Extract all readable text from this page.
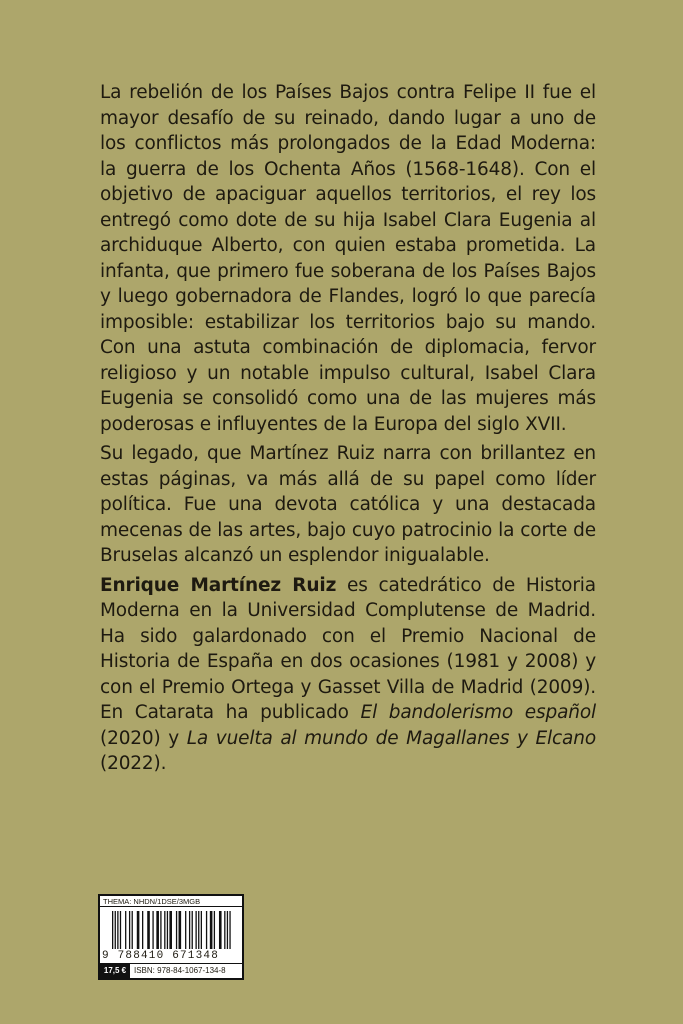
La rebelión de los Países Bajos contra Felipe II fue el mayor desafío de su reinado, dando lugar a uno de los conflictos más prolongados de la Edad Moderna: la guerra de los Ochenta Años (1568-1648). Con el objetivo de apaciguar aquellos territorios, el rey los entregó como dote de su hija Isabel Clara Eugenia al archiduque Alberto, con quien estaba prometida. La infanta, que primero fue soberana de los Países Bajos y luego gobernadora de Flandes, logró lo que parecía imposible: estabilizar los territorios bajo su mando. Con una astuta combinación de diplomacia, fervor religioso y un notable impulso cultural, Isabel Clara Eugenia se consolidó como una de las mujeres más poderosas e influyentes de la Europa del siglo XVII.

Su legado, que Martínez Ruiz narra con brillantez en estas páginas, va más allá de su papel como líder política. Fue una devota católica y una destacada mecenas de las artes, bajo cuyo patrocinio la corte de Bruselas alcanzó un esplendor inigualable.

Enrique Martínez Ruiz es catedrático de Historia Moderna en la Universidad Complutense de Madrid. Ha sido galardonado con el Premio Nacional de Historia de España en dos ocasiones (1981 y 2008) y con el Premio Ortega y Gasset Villa de Madrid (2009). En Catarata ha publicado El bandolerismo español (2020) y La vuelta al mundo de Magallanes y Elcano (2022).

THEMA: NHDN/1DSE/3MGB
9 788410 671348
17,5 € ISBN: 978-84-1067-134-8
